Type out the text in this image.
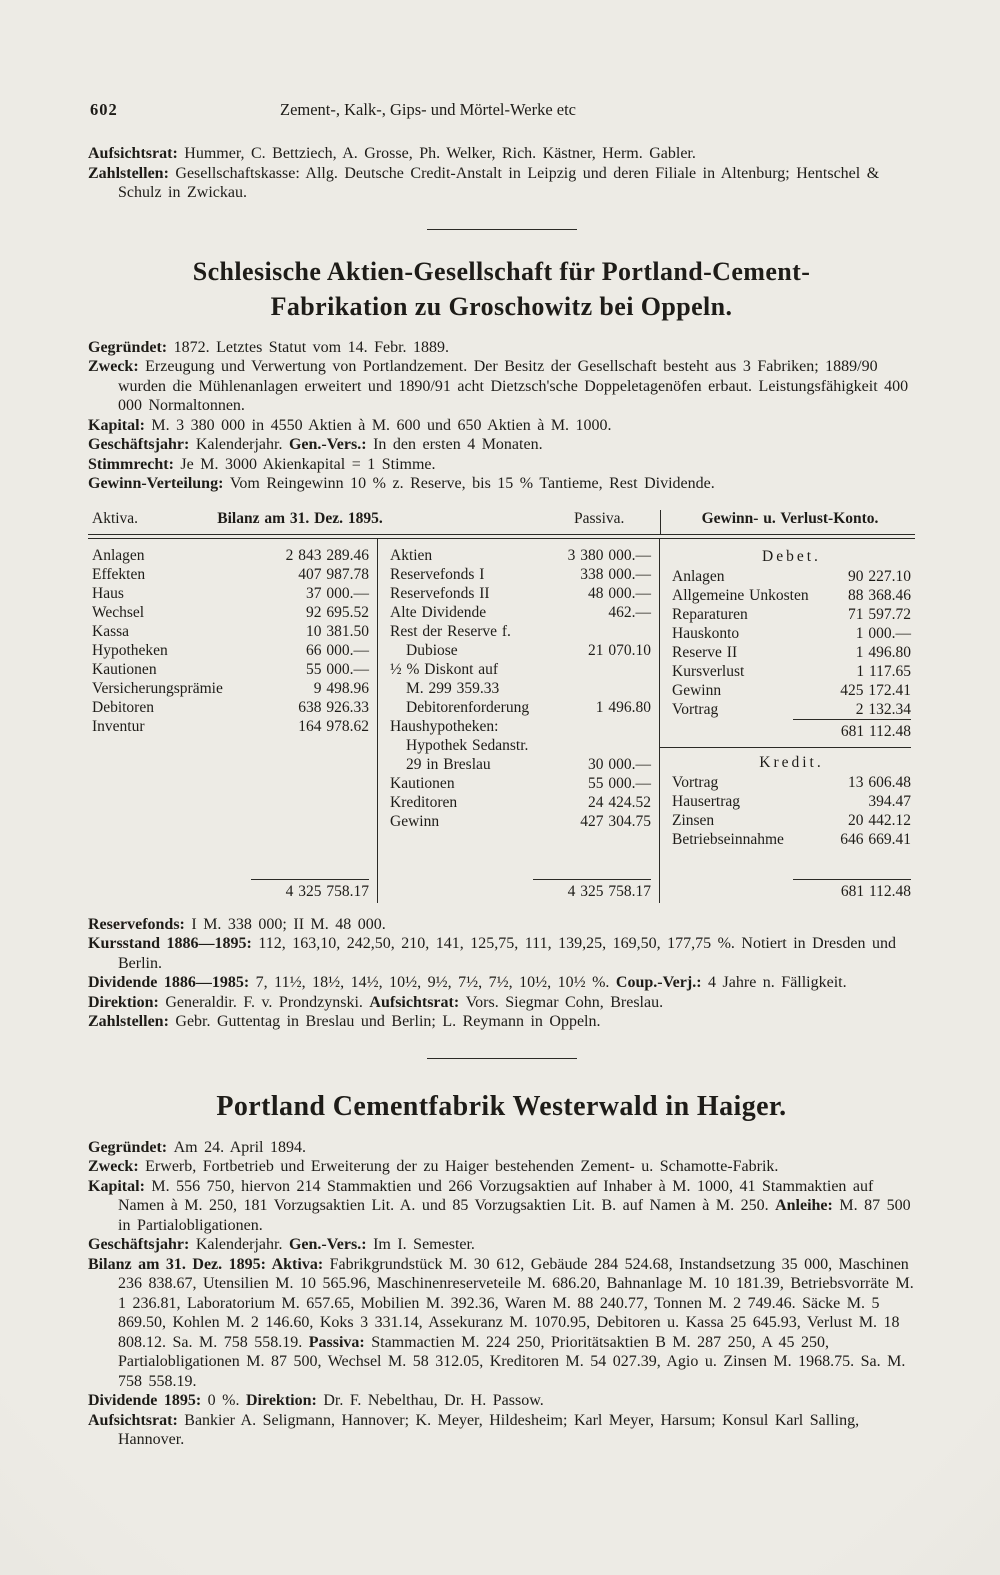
602	Zement-, Kalk-, Gips- und Mörtel-Werke etc

Aufsichtsrat: Hummer, C. Bettziech, A. Grosse, Ph. Welker, Rich. Kästner, Herm. Gabler.

Zahlstellen: Gesellschaftskasse: Allg. Deutsche Credit-Anstalt in Leipzig und deren Filiale in Altenburg; Hentschel & Schulz in Zwickau.

Schlesische Aktien-Gesellschaft für Portland-Cement-
Fabrikation zu Groschowitz bei Oppeln.

Gegründet: 1872. Letztes Statut vom 14. Febr. 1889.

Zweck: Erzeugung und Verwertung von Portlandzement. Der Besitz der Gesellschaft besteht aus 3 Fabriken; 1889/90 wurden die Mühlenanlagen erweitert und 1890/91 acht Dietzsch'sche Doppeletagenöfen erbaut. Leistungsfähigkeit 400 000 Normaltonnen.

Kapital: M. 3 380 000 in 4550 Aktien à M. 600 und 650 Aktien à M. 1000.

Geschäftsjahr: Kalenderjahr. Gen.-Vers.: In den ersten 4 Monaten.

Stimmrecht: Je M. 3000 Akienkapital = 1 Stimme.

Gewinn-Verteilung: Vom Reingewinn 10 % z. Reserve, bis 15 % Tantieme, Rest Dividende.

Aktiva.	Bilanz am 31. Dez. 1895.	Passiva.	Gewinn- u. Verlust-Konto.
Anlagen	2 843 289.46
Effekten	407 987.78
Haus	37 000.—
Wechsel	92 695.52
Kassa	10 381.50
Hypotheken	66 000.—
Kautionen	55 000.—
Versicherungsprämie	9 498.96
Debitoren	638 926.33
Inventur	164 978.62
4 325 758.17
Aktien	3 380 000.—
Reservefonds I	338 000.—
Reservefonds II	48 000.—
Alte Dividende	462.—
Rest der Reserve f.
Dubiose	21 070.10
½ % Diskont auf
M. 299 359.33
Debitorenforderung	1 496.80
Haushypotheken:
Hypothek Sedanstr.
29 in Breslau	30 000.—
Kautionen	55 000.—
Kreditoren	24 424.52
Gewinn	427 304.75
4 325 758.17
Debet.
Anlagen	90 227.10
Allgemeine Unkosten	88 368.46
Reparaturen	71 597.72
Hauskonto	1 000.—
Reserve II	1 496.80
Kursverlust	1 117.65
Gewinn	425 172.41
Vortrag	2 132.34
681 112.48
Kredit.
Vortrag	13 606.48
Hausertrag	394.47
Zinsen	20 442.12
Betriebseinnahme	646 669.41
681 112.48

Reservefonds: I M. 338 000; II M. 48 000.

Kursstand 1886—1895: 112, 163,10, 242,50, 210, 141, 125,75, 111, 139,25, 169,50, 177,75 %. Notiert in Dresden und Berlin.

Dividende 1886—1985: 7, 11½, 18½, 14½, 10½, 9½, 7½, 7½, 10½, 10½ %. Coup.-Verj.: 4 Jahre n. Fälligkeit.

Direktion: Generaldir. F. v. Prondzynski. Aufsichtsrat: Vors. Siegmar Cohn, Breslau.

Zahlstellen: Gebr. Guttentag in Breslau und Berlin; L. Reymann in Oppeln.

Portland Cementfabrik Westerwald in Haiger.

Gegründet: Am 24. April 1894.

Zweck: Erwerb, Fortbetrieb und Erweiterung der zu Haiger bestehenden Zement- u. Schamotte-Fabrik.

Kapital: M. 556 750, hiervon 214 Stammaktien und 266 Vorzugsaktien auf Inhaber à M. 1000, 41 Stammaktien auf Namen à M. 250, 181 Vorzugsaktien Lit. A. und 85 Vorzugsaktien Lit. B. auf Namen à M. 250. Anleihe: M. 87 500 in Partialobligationen.

Geschäftsjahr: Kalenderjahr. Gen.-Vers.: Im I. Semester.

Bilanz am 31. Dez. 1895: Aktiva: Fabrikgrundstück M. 30 612, Gebäude 284 524.68, Instandsetzung 35 000, Maschinen 236 838.67, Utensilien M. 10 565.96, Maschinenreserveteile M. 686.20, Bahnanlage M. 10 181.39, Betriebsvorräte M. 1 236.81, Laboratorium M. 657.65, Mobilien M. 392.36, Waren M. 88 240.77, Tonnen M. 2 749.46. Säcke M. 5 869.50, Kohlen M. 2 146.60, Koks 3 331.14, Assekuranz M. 1070.95, Debitoren u. Kassa 25 645.93, Verlust M. 18 808.12. Sa. M. 758 558.19. Passiva: Stammactien M. 224 250, Prioritätsaktien B M. 287 250, A 45 250, Partialobligationen M. 87 500, Wechsel M. 58 312.05, Kreditoren M. 54 027.39, Agio u. Zinsen M. 1968.75. Sa. M. 758 558.19.

Dividende 1895: 0 %. Direktion: Dr. F. Nebelthau, Dr. H. Passow.

Aufsichtsrat: Bankier A. Seligmann, Hannover; K. Meyer, Hildesheim; Karl Meyer, Harsum; Konsul Karl Salling, Hannover.
